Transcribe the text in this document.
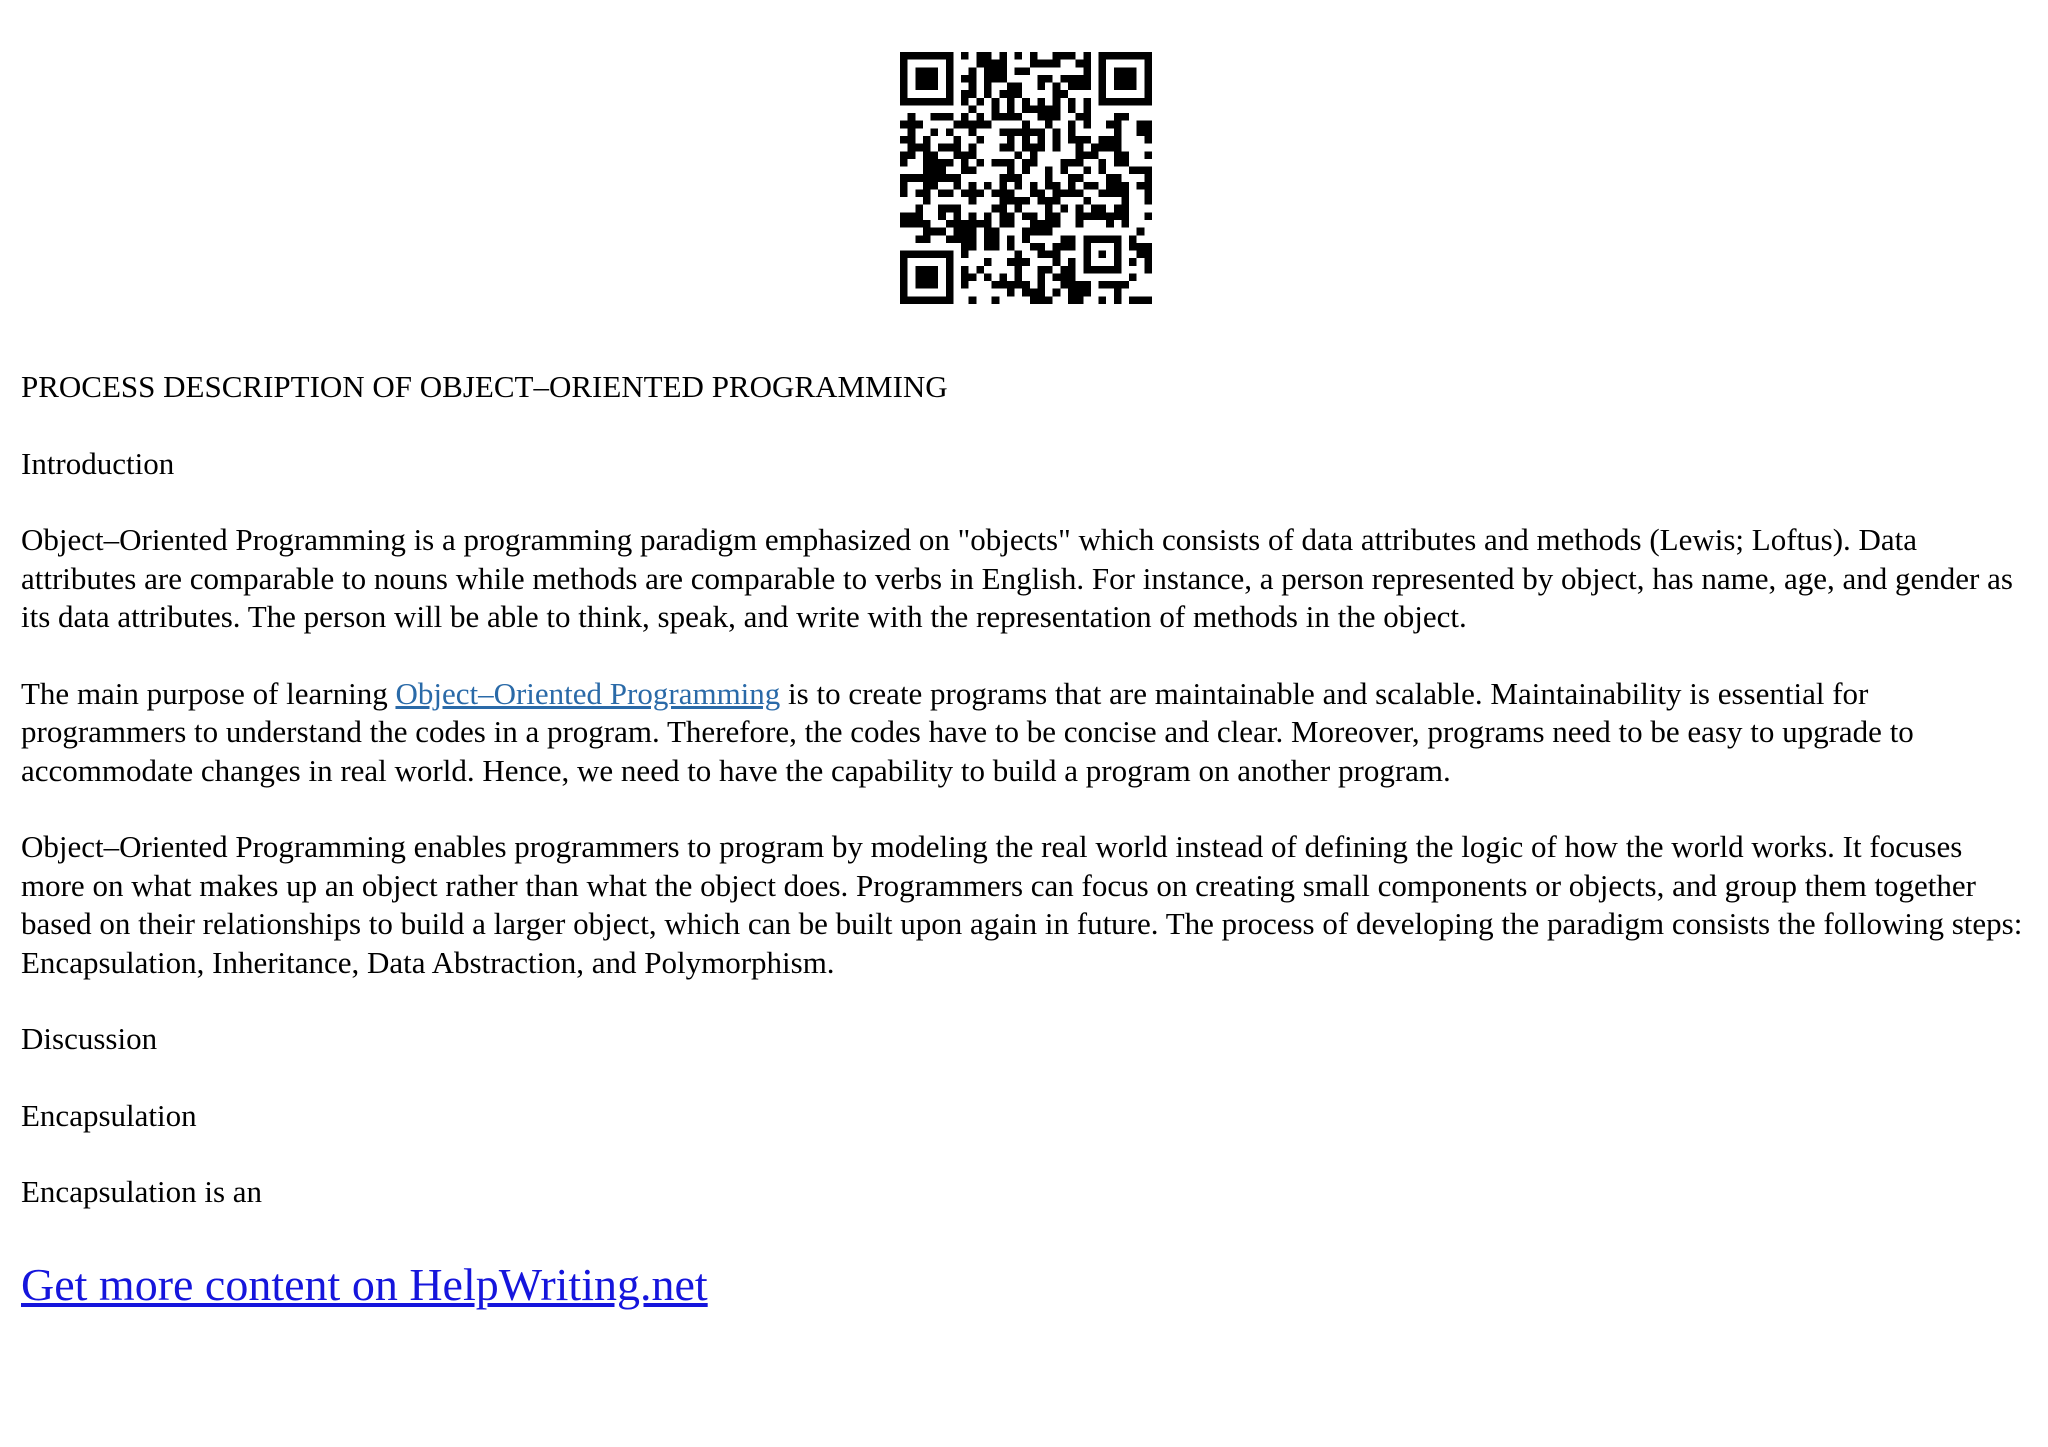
PROCESS DESCRIPTION OF OBJECT–ORIENTED PROGRAMMING

Introduction

Object–Oriented Programming is a programming paradigm emphasized on "objects" which consists of data attributes and methods (Lewis; Loftus). Data attributes are comparable to nouns while methods are comparable to verbs in English. For instance, a person represented by object, has name, age, and gender as its data attributes. The person will be able to think, speak, and write with the representation of methods in the object.

The main purpose of learning Object–Oriented Programming is to create programs that are maintainable and scalable. Maintainability is essential for programmers to understand the codes in a program. Therefore, the codes have to be concise and clear. Moreover, programs need to be easy to upgrade to accommodate changes in real world. Hence, we need to have the capability to build a program on another program.

Object–Oriented Programming enables programmers to program by modeling the real world instead of defining the logic of how the world works. It focuses more on what makes up an object rather than what the object does. Programmers can focus on creating small components or objects, and group them together based on their relationships to build a larger object, which can be built upon again in future. The process of developing the paradigm consists the following steps: Encapsulation, Inheritance, Data Abstraction, and Polymorphism.

Discussion

Encapsulation

Encapsulation is an

Get more content on HelpWriting.net
